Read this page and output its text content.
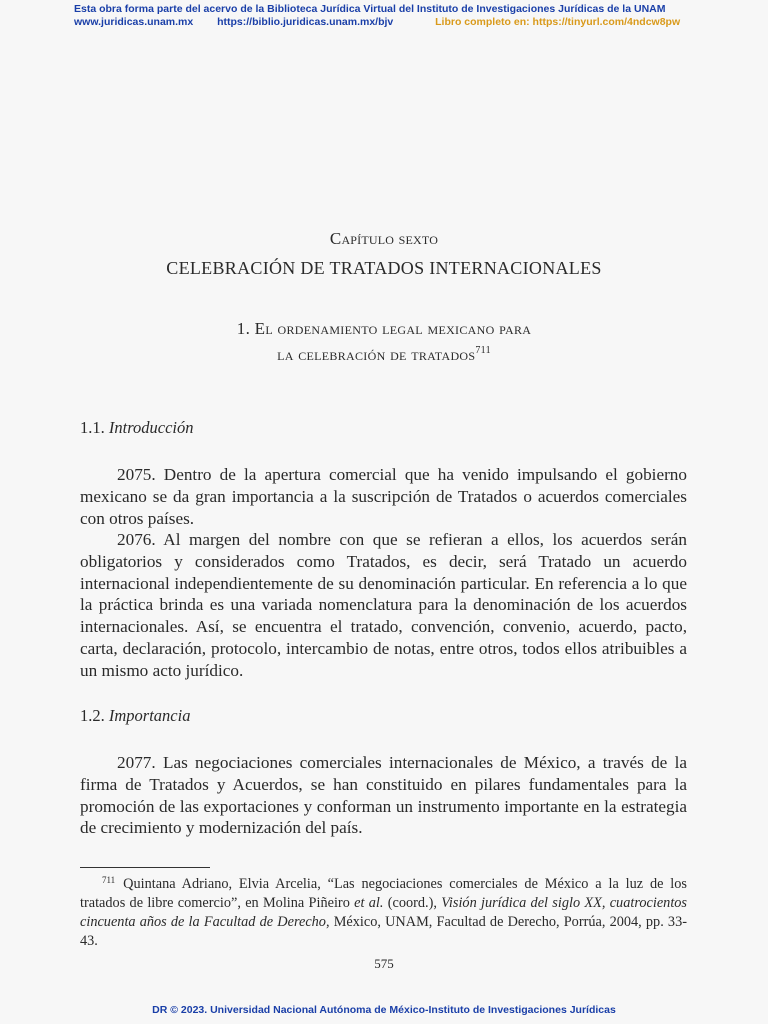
Esta obra forma parte del acervo de la Biblioteca Jurídica Virtual del Instituto de Investigaciones Jurídicas de la UNAM
www.juridicas.unam.mx https://biblio.juridicas.unam.mx/bjv	Libro completo en: https://tinyurl.com/4ndcw8pw
Capítulo sexto
CELEBRACIÓN DE TRATADOS INTERNACIONALES
1. El ordenamiento legal mexicano para
la celebración de tratados$^{711}$
1.1. Introducción

2075. Dentro de la apertura comercial que ha venido impulsando el gobierno mexicano se da gran importancia a la suscripción de Tratados o acuerdos comerciales con otros países.

2076. Al margen del nombre con que se refieran a ellos, los acuerdos serán obligatorios y considerados como Tratados, es decir, será Tratado un acuerdo internacional independientemente de su denominación particular. En referencia a lo que la práctica brinda es una variada nomenclatura para la denominación de los acuerdos internacionales. Así, se encuentra el tratado, convención, convenio, acuerdo, pacto, carta, declaración, protocolo, intercambio de notas, entre otros, todos ellos atribuibles a un mismo acto jurídico.

1.2. Importancia

2077. Las negociaciones comerciales internacionales de México, a través de la firma de Tratados y Acuerdos, se han constituido en pilares fundamentales para la promoción de las exportaciones y conforman un instrumento importante en la estrategia de crecimiento y modernización del país.

$^{711}$ Quintana Adriano, Elvia Arcelia, “Las negociaciones comerciales de México a la luz de los tratados de libre comercio”, en Molina Piñeiro et al. (coord.), Visión jurídica del siglo XX, cuatrocientos cincuenta años de la Facultad de Derecho, México, UNAM, Facultad de Derecho, Porrúa, 2004, pp. 33-43.

575
DR © 2023. Universidad Nacional Autónoma de México-Instituto de Investigaciones Jurídicas
